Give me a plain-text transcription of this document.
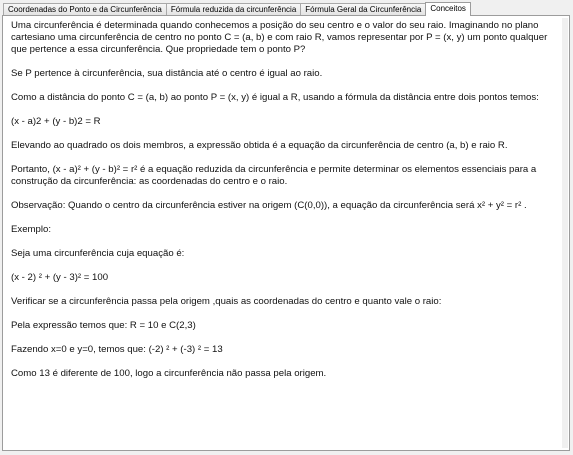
Coordenadas do Ponto e da Circunferência	Fórmula reduzida da circunferência	Fórmula Geral da Circunferência	Conceitos

Uma circunferência é determinada quando conhecemos a posição do seu centro e o valor do seu raio. Imaginando no plano cartesiano uma circunferência de centro no ponto C = (a, b) e com raio R, vamos representar por P = (x, y) um ponto qualquer que pertence a essa circunferência. Que propriedade tem o ponto P?

Se P pertence à circunferência, sua distância até o centro é igual ao raio.

Como a distância do ponto C = (a, b) ao ponto P = (x, y) é igual a R, usando a fórmula da distância entre dois pontos temos:

(x - a)2 + (y - b)2 = R

Elevando ao quadrado os dois membros, a expressão obtida é a equação da circunferência de centro (a, b) e raio R.

Portanto, (x - a)² + (y - b)² = r² é a equação reduzida da circunferência e permite determinar os elementos essenciais para a construção da circunferência: as coordenadas do centro e o raio.

Observação: Quando o centro da circunferência estiver na origem (C(0,0)), a equação da circunferência será x² + y² = r² .

Exemplo:

Seja uma circunferência cuja equação é:

(x - 2) ² + (y - 3)² = 100

Verificar se a circunferência passa pela origem ,quais as coordenadas do centro e quanto vale o raio:

Pela expressão temos que: R = 10 e C(2,3)

Fazendo x=0 e y=0, temos que: (-2) ² + (-3) ² = 13

Como 13 é diferente de 100, logo a circunferência não passa pela origem.
